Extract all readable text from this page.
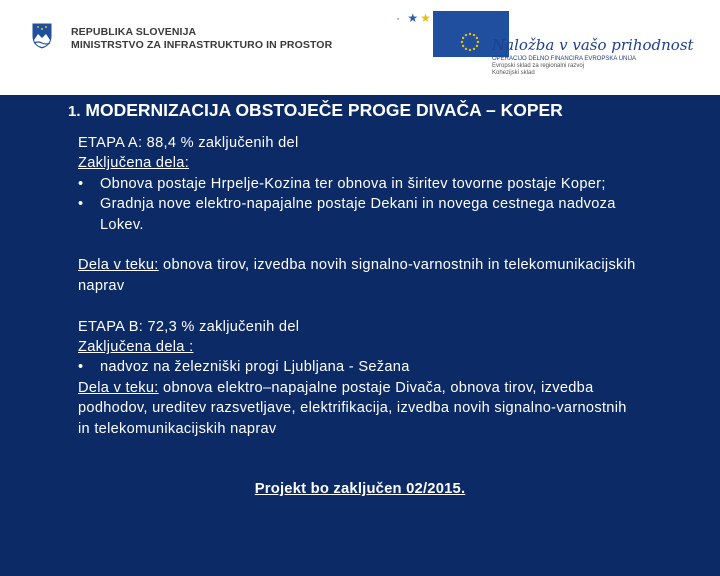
REPUBLIKA SLOVENIJA
MINISTRSTVO ZA INFRASTRUKTURO IN PROSTOR
· ★★
Naložba v vašo prihodnost
OPERACIJO DELNO FINANCIRA EVROPSKA UNIJA
Evropski sklad za regionalni razvoj
Kohezijski sklad
1. MODERNIZACIJA OBSTOJEČE PROGE DIVAČA – KOPER
ETAPA A: 88,4 % zaključenih del
Zaključena dela:
•	Obnova postaje Hrpelje-Kozina ter obnova in širitev tovorne postaje Koper;
•	Gradnja nove elektro-napajalne postaje Dekani in novega cestnega nadvoza Lokev.
Dela v teku: obnova tirov, izvedba novih signalno-varnostnih in telekomunikacijskih naprav
ETAPA B: 72,3 % zaključenih del
Zaključena dela :
•	nadvoz na železniški progi Ljubljana - Sežana
Dela v teku: obnova elektro–napajalne postaje Divača, obnova tirov, izvedba podhodov, ureditev razsvetljave, elektrifikacija, izvedba novih signalno-varnostnih in telekomunikacijskih naprav
Projekt bo zaključen 02/2015.
